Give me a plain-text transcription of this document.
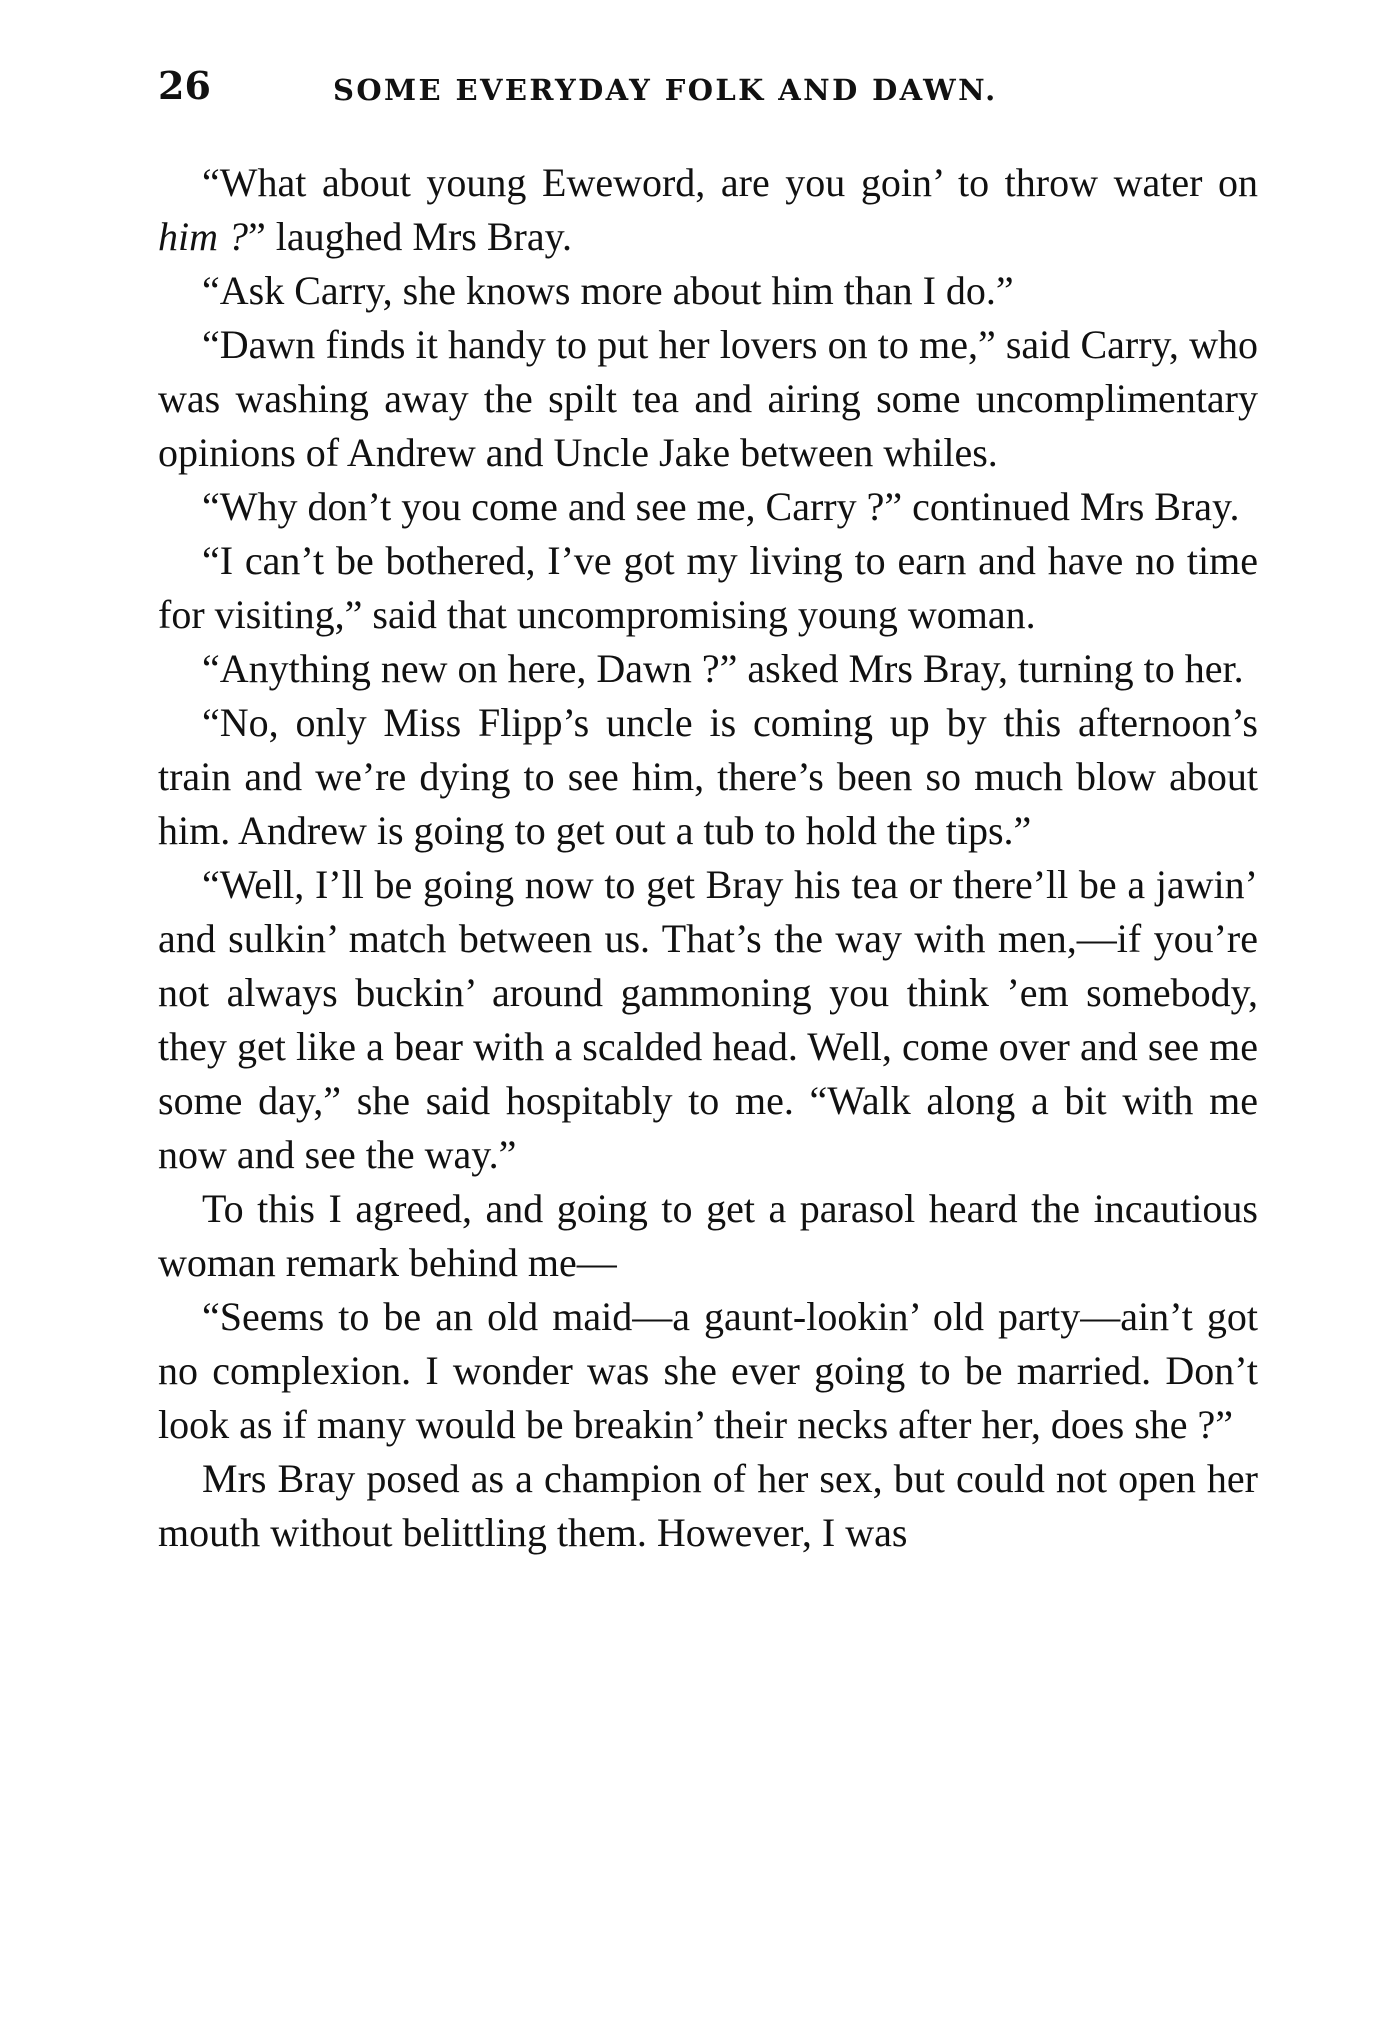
26	SOME EVERYDAY FOLK AND DAWN.

“What about young Eweword, are you goin’ to throw water on him ?” laughed Mrs Bray.

“Ask Carry, she knows more about him than I do.”

“Dawn finds it handy to put her lovers on to me,” said Carry, who was washing away the spilt tea and airing some uncomplimentary opinions of Andrew and Uncle Jake between whiles.

“Why don’t you come and see me, Carry ?” continued Mrs Bray.

“I can’t be bothered, I’ve got my living to earn and have no time for visiting,” said that uncompromising young woman.

“Anything new on here, Dawn ?” asked Mrs Bray, turning to her.

“No, only Miss Flipp’s uncle is coming up by this afternoon’s train and we’re dying to see him, there’s been so much blow about him. Andrew is going to get out a tub to hold the tips.”

“Well, I’ll be going now to get Bray his tea or there’ll be a jawin’ and sulkin’ match between us. That’s the way with men,—if you’re not always buckin’ around gammoning you think ’em somebody, they get like a bear with a scalded head. Well, come over and see me some day,” she said hospitably to me. “Walk along a bit with me now and see the way.”

To this I agreed, and going to get a parasol heard the incautious woman remark behind me—

“Seems to be an old maid—a gaunt-lookin’ old party—ain’t got no complexion. I wonder was she ever going to be married. Don’t look as if many would be breakin’ their necks after her, does she ?”

Mrs Bray posed as a champion of her sex, but could not open her mouth without belittling them. However, I was
